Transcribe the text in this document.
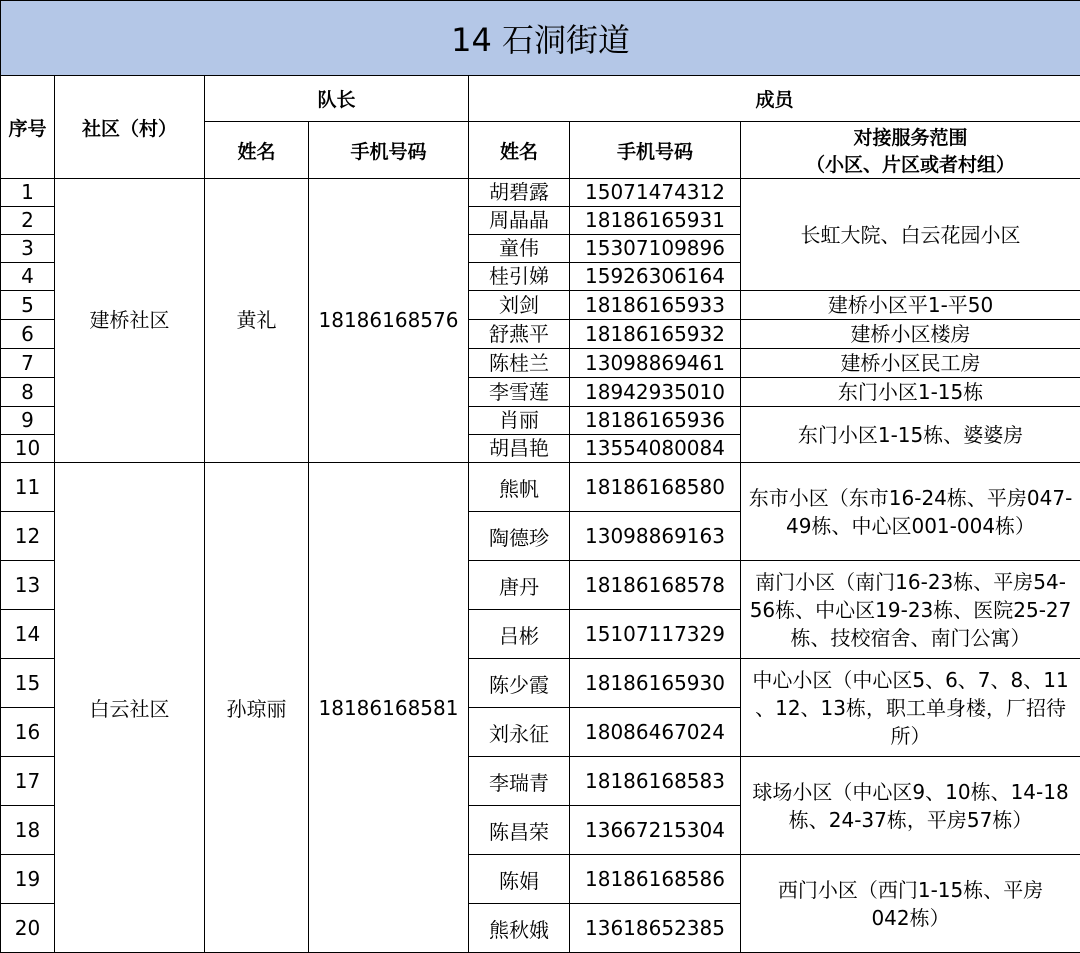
14 石洞街道						
序号	社区（村）	队长		成员		
		姓名	手机号码	姓名	手机号码	对接服务范围
（小区、片区或者村组）

1	建桥社区	黄礼	18186168576	胡碧露	15071474312	长虹大院、白云花园小区
2				周晶晶	18186165931	
3				童伟	15307109896	
4				桂引娣	15926306164	
5				刘剑	18186165933	建桥小区平1-平50
6				舒燕平	18186165932	建桥小区楼房
7				陈桂兰	13098869461	建桥小区民工房
8				李雪莲	18942935010	东门小区1-15栋
9				肖丽	18186165936	东门小区1-15栋、婆婆房
10				胡昌艳	13554080084	
11	白云社区	孙琼丽	18186168581	熊帆	18186168580	东市小区（东市16-24栋、平房047-
49栋、中心区001-004栋）

12				陶德珍	13098869163	
13				唐丹	18186168578	南门小区（南门16-23栋、平房54-
56栋、中心区19-23栋、医院25-27
栋、技校宿舍、南门公寓）

14				吕彬	15107117329	
15				陈少霞	18186165930	中心小区（中心区5、6、7、8、11
、12、13栋，职工单身楼，厂招待
所）

16				刘永征	18086467024	
17				李瑞青	18186168583	球场小区（中心区9、10栋、14-18
栋、24-37栋，平房57栋）

18				陈昌荣	13667215304	
19				陈娟	18186168586	西门小区（西门1-15栋、平房
042栋）

20				熊秋娥	13618652385	
